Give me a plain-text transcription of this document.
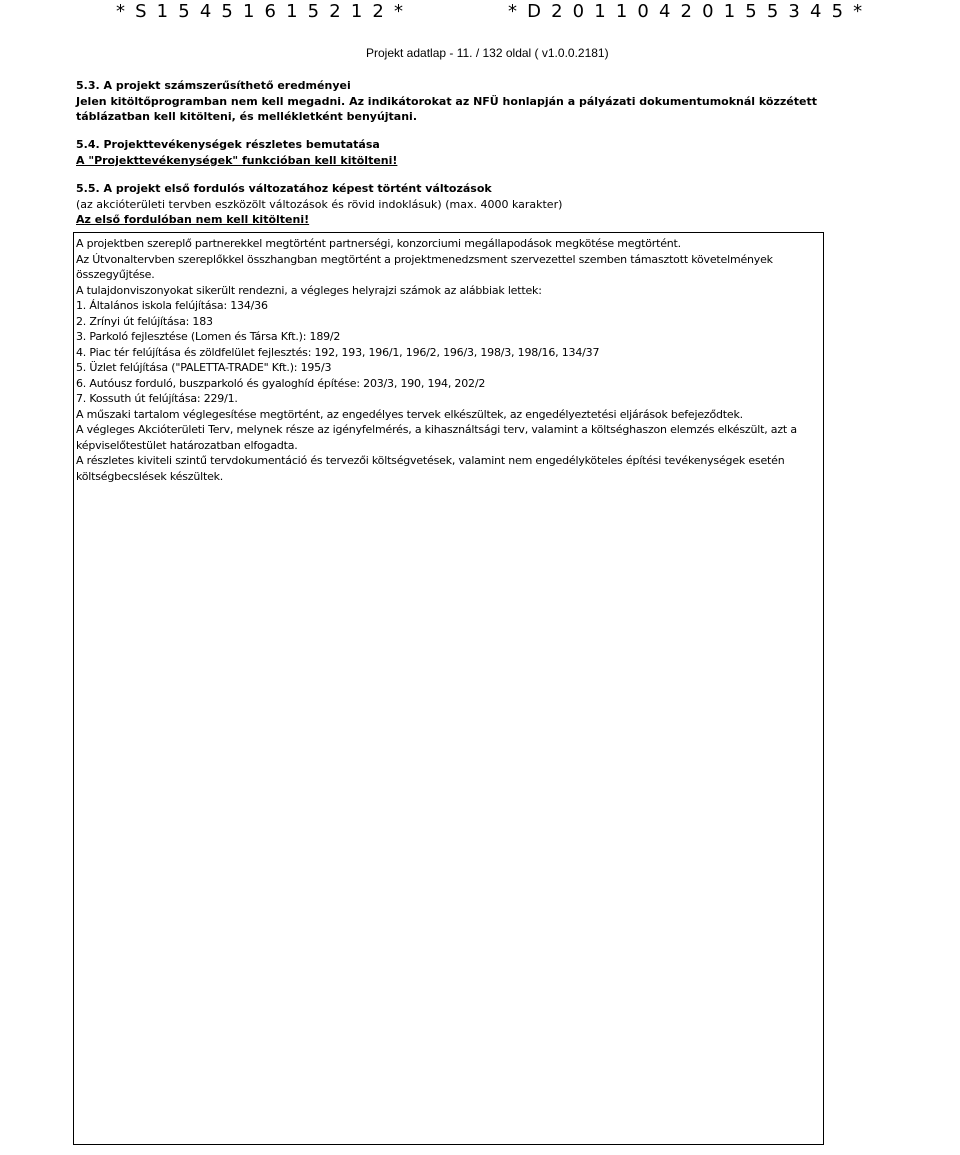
* S 1 5 4 5 1 6 1 5 2 1 2 *	* D 2 0 1 1 0 4 2 0 1 5 5 3 4 5 *
Projekt adatlap - 11. / 132 oldal ( v1.0.0.2181)
5.3. A projekt számszerűsíthető eredményei
Jelen kitöltőprogramban nem kell megadni. Az indikátorokat az NFÜ honlapján a pályázati dokumentumoknál közzétett
táblázatban kell kitölteni, és mellékletként benyújtani.
5.4. Projekttevékenységek részletes bemutatása
A "Projekttevékenységek" funkcióban kell kitölteni!
5.5. A projekt első fordulós változatához képest történt változások
(az akcióterületi tervben eszközölt változások és rövid indoklásuk) (max. 4000 karakter)
Az első fordulóban nem kell kitölteni!
A projektben szereplő partnerekkel megtörtént partnerségi, konzorciumi megállapodások megkötése megtörtént.
Az Útvonaltervben szereplőkkel összhangban megtörtént a projektmenedzsment szervezettel szemben támasztott követelmények
összegyűjtése.
A tulajdonviszonyokat sikerült rendezni, a végleges helyrajzi számok az alábbiak lettek:
1. Általános iskola felújítása: 134/36
2. Zrínyi út felújítása: 183
3. Parkoló fejlesztése (Lomen és Társa Kft.): 189/2
4. Piac tér felújítása és zöldfelület fejlesztés: 192, 193, 196/1, 196/2, 196/3, 198/3, 198/16, 134/37
5. Üzlet felújítása ("PALETTA-TRADE" Kft.): 195/3
6. Autóusz forduló, buszparkoló és gyaloghíd építése: 203/3, 190, 194, 202/2
7. Kossuth út felújítása: 229/1.
A műszaki tartalom véglegesítése megtörtént, az engedélyes tervek elkészültek, az engedélyeztetési eljárások befejeződtek.
A végleges Akcióterületi Terv, melynek része az igényfelmérés, a kihasználtsági terv, valamint a költséghaszon elemzés elkészült, azt a
képviselőtestület határozatban elfogadta.
A részletes kiviteli szintű tervdokumentáció és tervezői költségvetések, valamint nem engedélyköteles építési tevékenységek esetén
költségbecslések készültek.
